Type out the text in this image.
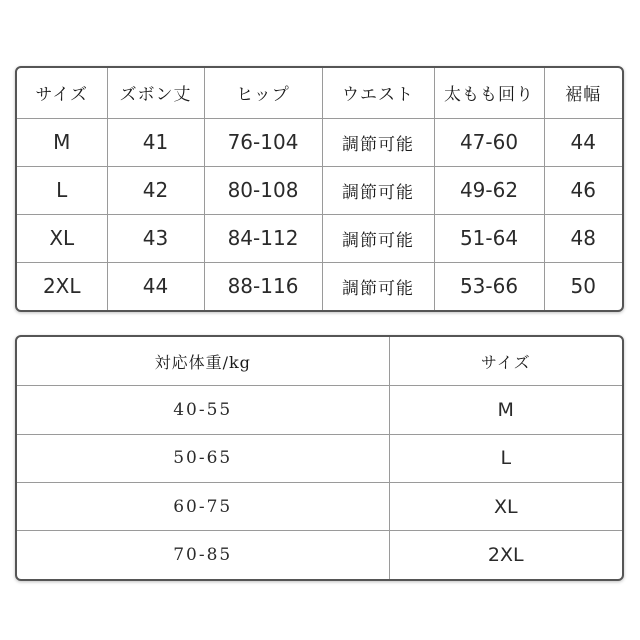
サイズ	ズボン丈	ヒップ	ウエスト	太もも回り	裾幅
M	41	76-104	調節可能	47-60	44
L	42	80-108	調節可能	49-62	46
XL	43	84-112	調節可能	51-64	48
2XL	44	88-116	調節可能	53-66	50
対応体重/kg	サイズ
40-55	M
50-65	L
60-75	XL
70-85	2XL
